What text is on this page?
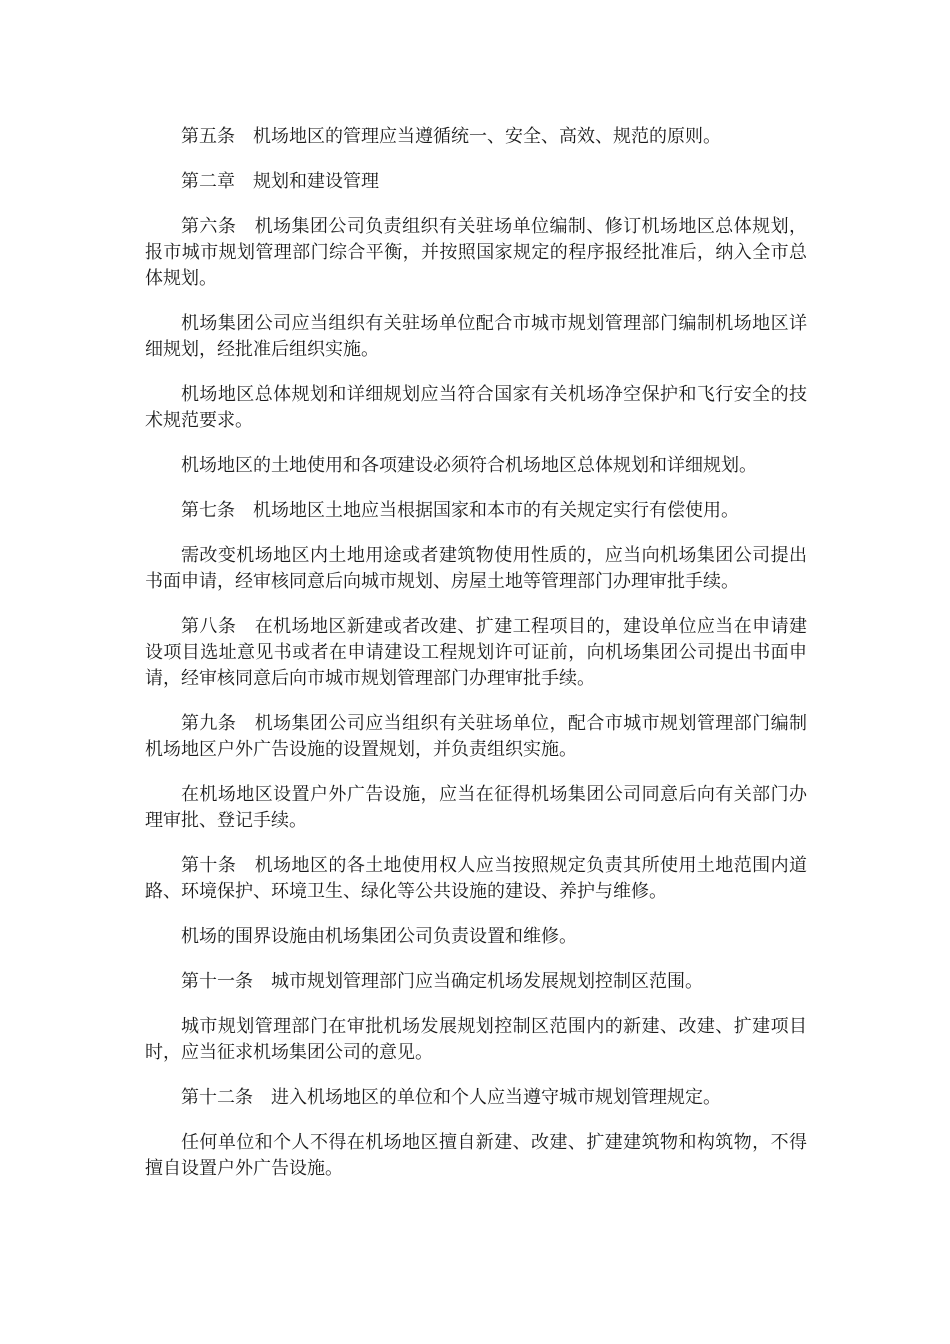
第五条　机场地区的管理应当遵循统一、安全、高效、规范的原则。

第二章　规划和建设管理

第六条　机场集团公司负责组织有关驻场单位编制、修订机场地区总体规划，报市城市规划管理部门综合平衡，并按照国家规定的程序报经批准后，纳入全市总体规划。

机场集团公司应当组织有关驻场单位配合市城市规划管理部门编制机场地区详细规划，经批准后组织实施。

机场地区总体规划和详细规划应当符合国家有关机场净空保护和飞行安全的技术规范要求。

机场地区的土地使用和各项建设必须符合机场地区总体规划和详细规划。

第七条　机场地区土地应当根据国家和本市的有关规定实行有偿使用。

需改变机场地区内土地用途或者建筑物使用性质的，应当向机场集团公司提出书面申请，经审核同意后向城市规划、房屋土地等管理部门办理审批手续。

第八条　在机场地区新建或者改建、扩建工程项目的，建设单位应当在申请建设项目选址意见书或者在申请建设工程规划许可证前，向机场集团公司提出书面申请，经审核同意后向市城市规划管理部门办理审批手续。

第九条　机场集团公司应当组织有关驻场单位，配合市城市规划管理部门编制机场地区户外广告设施的设置规划，并负责组织实施。

在机场地区设置户外广告设施，应当在征得机场集团公司同意后向有关部门办理审批、登记手续。

第十条　机场地区的各土地使用权人应当按照规定负责其所使用土地范围内道路、环境保护、环境卫生、绿化等公共设施的建设、养护与维修。

机场的围界设施由机场集团公司负责设置和维修。

第十一条　城市规划管理部门应当确定机场发展规划控制区范围。

城市规划管理部门在审批机场发展规划控制区范围内的新建、改建、扩建项目时，应当征求机场集团公司的意见。

第十二条　进入机场地区的单位和个人应当遵守城市规划管理规定。

任何单位和个人不得在机场地区擅自新建、改建、扩建建筑物和构筑物，不得擅自设置户外广告设施。
